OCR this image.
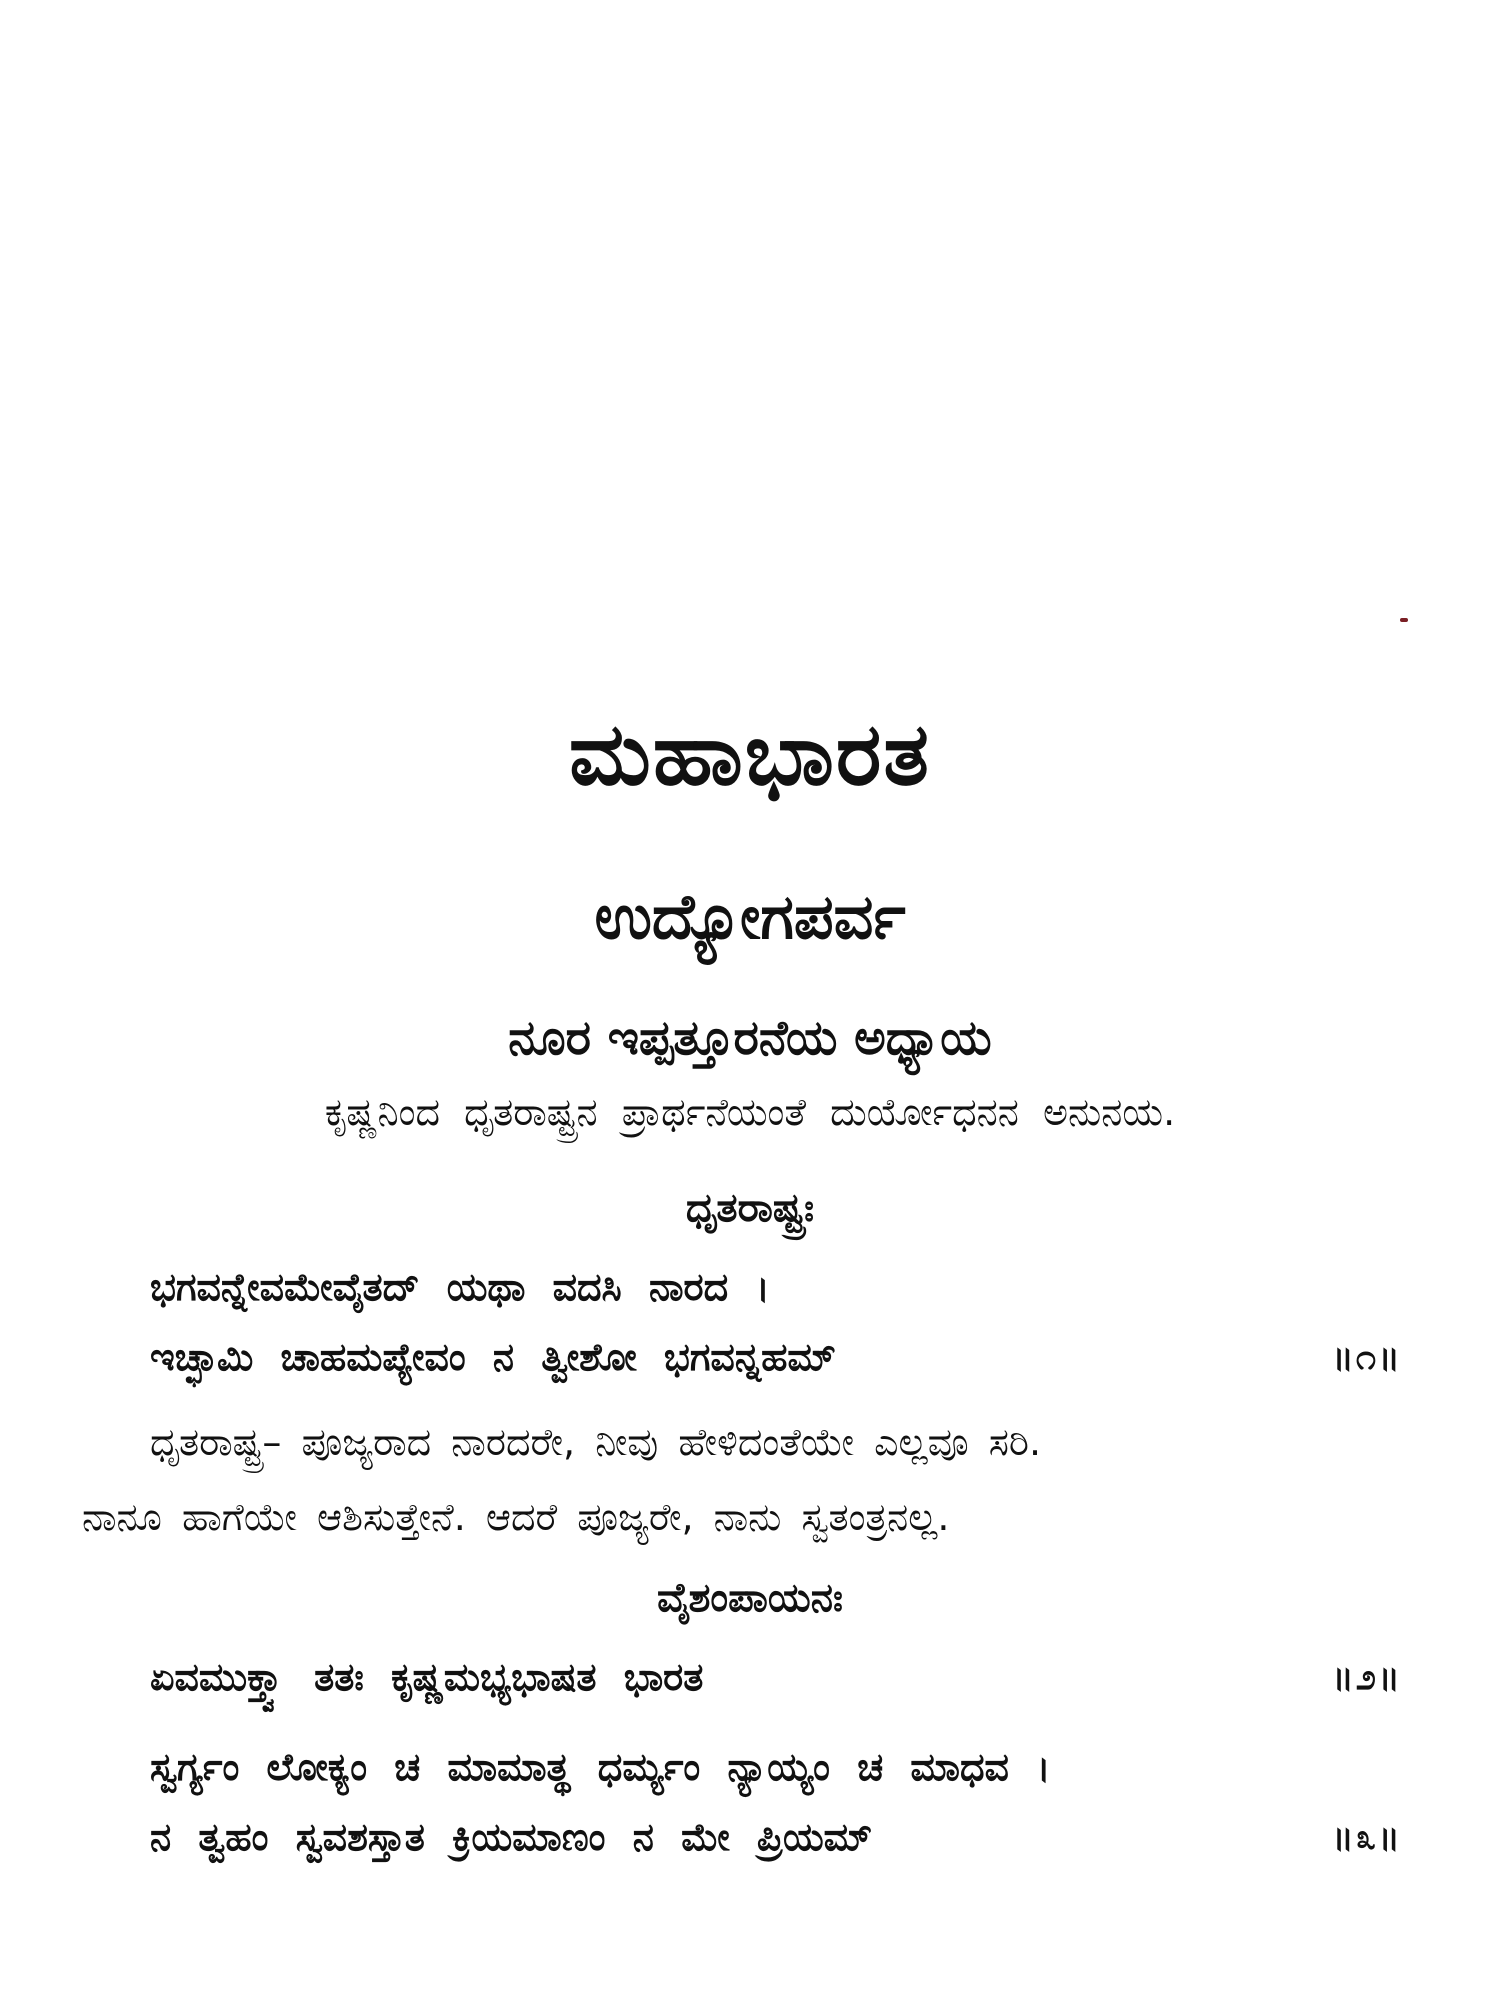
ಮಹಾಭಾರತ
ಉದ್ಯೋಗಪರ್ವ
ನೂರ ಇಪ್ಪತ್ತೂರನೆಯ ಅಧ್ಯಾಯ
ಕೃಷ್ಣನಿಂದ ಧೃತರಾಷ್ಟ್ರನ ಪ್ರಾರ್ಥನೆಯಂತೆ ದುರ್ಯೋಧನನ ಅನುನಯ.
ಧೃತರಾಷ್ಟ್ರಃ
ಭಗವನ್ನೇವಮೇವೈತದ್ ಯಥಾ ವದಸಿ ನಾರದ ।
ಇಚ್ಛಾಮಿ ಚಾಹಮಪ್ಯೇವಂ ನ ತ್ವೀಶೋ ಭಗವನ್ನಹಮ್	॥೧॥
ಧೃತರಾಷ್ಟ್ರ– ಪೂಜ್ಯರಾದ ನಾರದರೇ, ನೀವು ಹೇಳಿದಂತೆಯೇ ಎಲ್ಲವೂ ಸರಿ.
ನಾನೂ ಹಾಗೆಯೇ ಆಶಿಸುತ್ತೇನೆ. ಆದರೆ ಪೂಜ್ಯರೇ, ನಾನು ಸ್ವತಂತ್ರನಲ್ಲ.
ವೈಶಂಪಾಯನಃ
ಏವಮುಕ್ತ್ವಾ ತತಃ ಕೃಷ್ಣಮಭ್ಯಭಾಷತ ಭಾರತ	॥೨॥
ಸ್ವರ್ಗ್ಯಂ ಲೋಕ್ಯಂ ಚ ಮಾಮಾತ್ಥ ಧರ್ಮ್ಯಂ ನ್ಯಾಯ್ಯಂ ಚ ಮಾಧವ ।
ನ ತ್ವಹಂ ಸ್ವವಶಸ್ತಾತ ಕ್ರಿಯಮಾಣಂ ನ ಮೇ ಪ್ರಿಯಮ್	॥೩॥
